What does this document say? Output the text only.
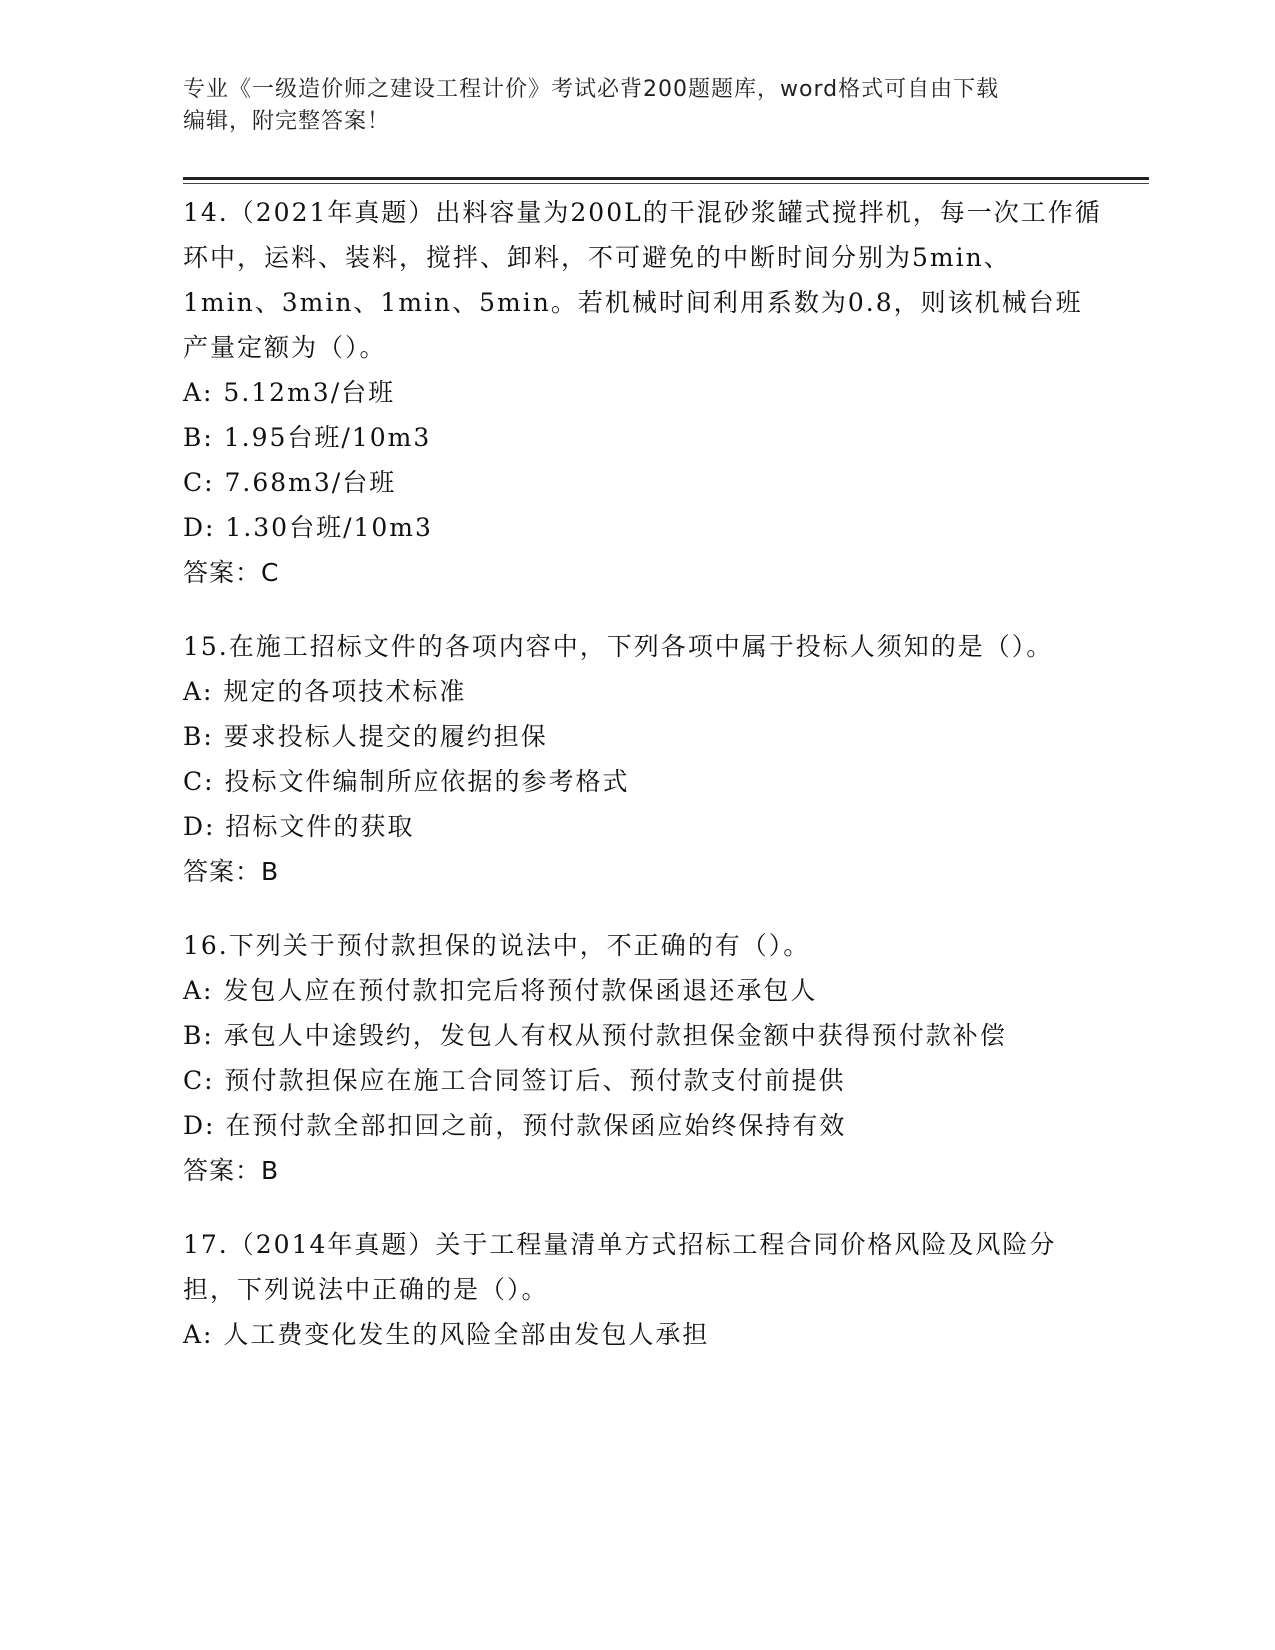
专业《一级造价师之建设工程计价》考试必背200题题库，word格式可自由下载
编辑，附完整答案！

14.（2021年真题）出料容量为200L的干混砂浆罐式搅拌机，每一次工作循环中，运料、装料，搅拌、卸料，不可避免的中断时间分别为5min、1min、3min、1min、5min。若机械时间利用系数为0.8，则该机械台班产量定额为（）。

A: 5.12m3/台班

B: 1.95台班/10m3

C: 7.68m3/台班

D: 1.30台班/10m3

答案：C

15.在施工招标文件的各项内容中，下列各项中属于投标人须知的是（）。

A: 规定的各项技术标准

B: 要求投标人提交的履约担保

C: 投标文件编制所应依据的参考格式

D: 招标文件的获取

答案：B

16.下列关于预付款担保的说法中，不正确的有（）。

A: 发包人应在预付款扣完后将预付款保函退还承包人

B: 承包人中途毁约，发包人有权从预付款担保金额中获得预付款补偿

C: 预付款担保应在施工合同签订后、预付款支付前提供

D: 在预付款全部扣回之前，预付款保函应始终保持有效

答案：B

17.（2014年真题）关于工程量清单方式招标工程合同价格风险及风险分担，下列说法中正确的是（）。

A: 人工费变化发生的风险全部由发包人承担
